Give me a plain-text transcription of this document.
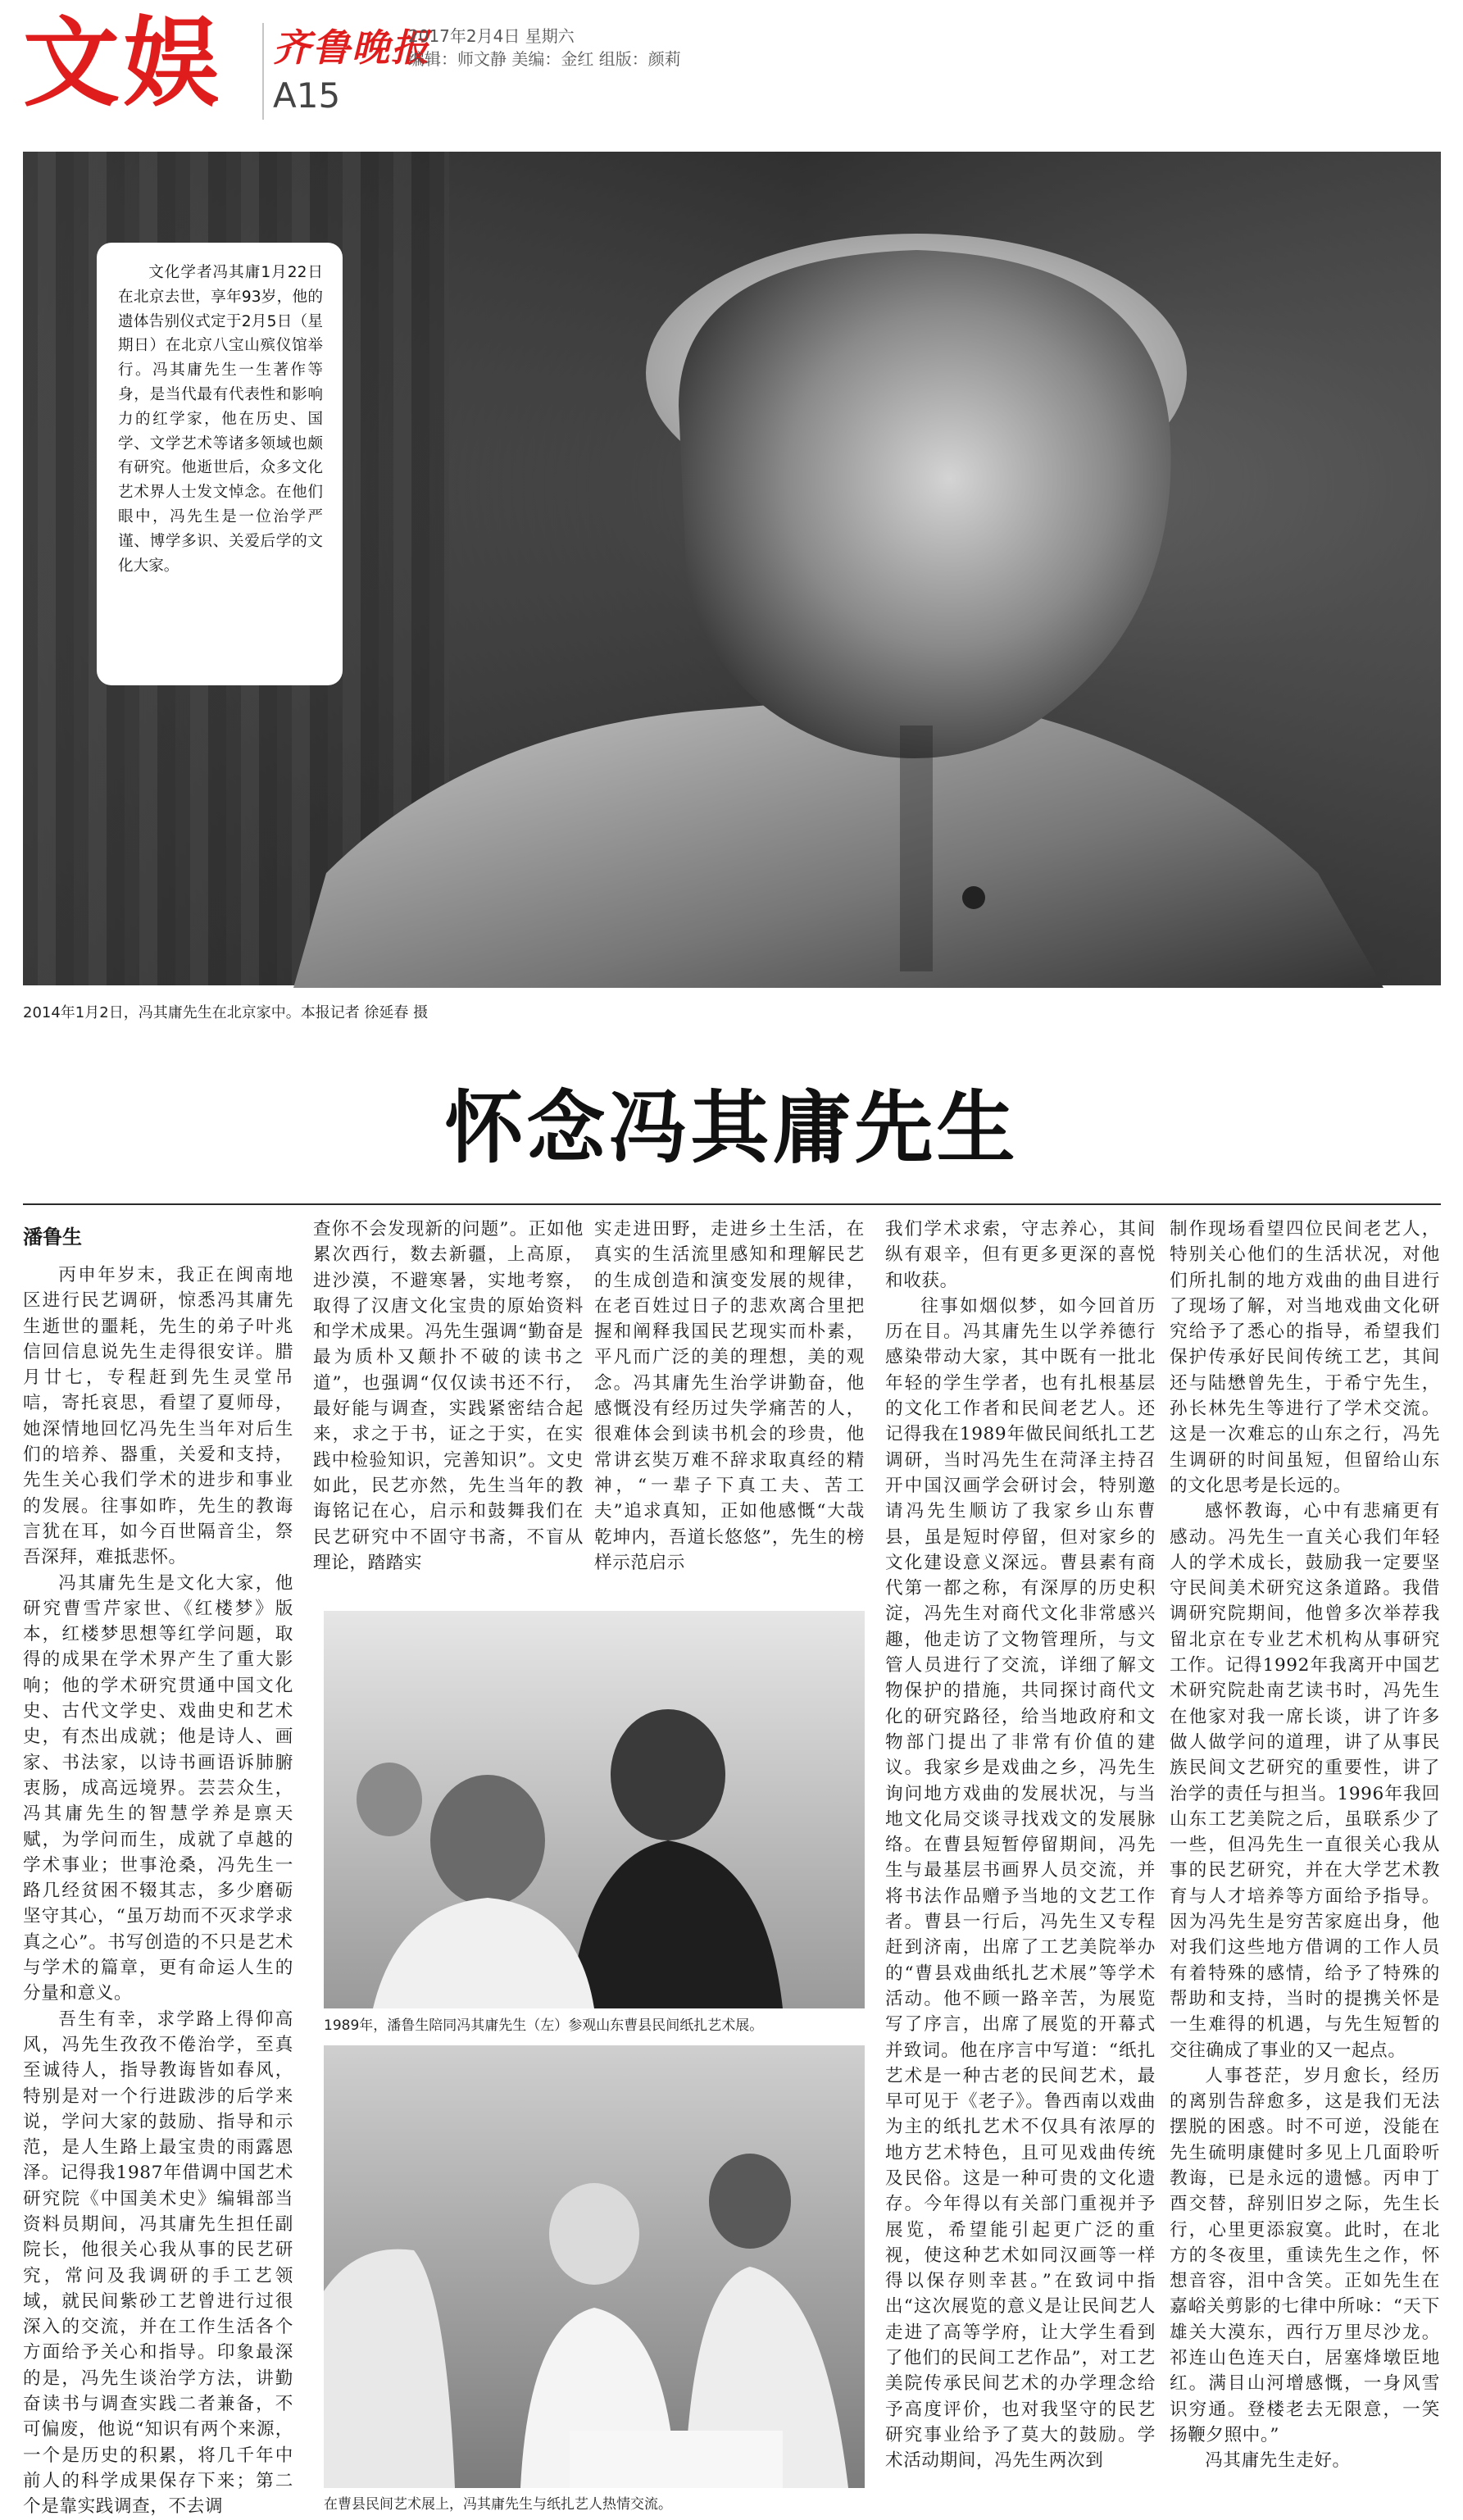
文娱 齐鲁晚报
A15
2017年2月4日 星期六
编辑：师文静 美编：金红 组版：颜莉
文化学者冯其庸1月22日在北京去世，享年93岁，他的遗体告别仪式定于2月5日（星期日）在北京八宝山殡仪馆举行。冯其庸先生一生著作等身，是当代最有代表性和影响力的红学家，他在历史、国学、文学艺术等诸多领域也颇有研究。他逝世后，众多文化艺术界人士发文悼念。在他们眼中，冯先生是一位治学严谨、博学多识、关爱后学的文化大家。
2014年1月2日，冯其庸先生在北京家中。本报记者 徐延春 摄
怀念冯其庸先生
潘鲁生

丙申年岁末，我正在闽南地区进行民艺调研，惊悉冯其庸先生逝世的噩耗，先生的弟子叶兆信回信息说先生走得很安详。腊月廿七，专程赶到先生灵堂吊唁，寄托哀思，看望了夏师母，她深情地回忆冯先生当年对后生们的培养、器重，关爱和支持，先生关心我们学术的进步和事业的发展。往事如昨，先生的教诲言犹在耳，如今百世隔音尘，祭吾深拜，难抵悲怀。

冯其庸先生是文化大家，他研究曹雪芹家世、《红楼梦》版本，红楼梦思想等红学问题，取得的成果在学术界产生了重大影响；他的学术研究贯通中国文化史、古代文学史、戏曲史和艺术史，有杰出成就；他是诗人、画家、书法家，以诗书画语诉肺腑衷肠，成高远境界。芸芸众生，冯其庸先生的智慧学养是禀天赋，为学问而生，成就了卓越的学术事业；世事沧桑，冯先生一路几经贫困不辍其志，多少磨砺坚守其心，“虽万劫而不灭求学求真之心”。书写创造的不只是艺术与学术的篇章，更有命运人生的分量和意义。

吾生有幸，求学路上得仰高风，冯先生孜孜不倦治学，至真至诚待人，指导教诲皆如春风，特别是对一个行进跋涉的后学来说，学问大家的鼓励、指导和示范，是人生路上最宝贵的雨露恩泽。记得我1987年借调中国艺术研究院《中国美术史》编辑部当资料员期间，冯其庸先生担任副院长，他很关心我从事的民艺研究，常问及我调研的手工艺领域，就民间紫砂工艺曾进行过很深入的交流，并在工作生活各个方面给予关心和指导。印象最深的是，冯先生谈治学方法，讲勤奋读书与调查实践二者兼备，不可偏废，他说“知识有两个来源，一个是历史的积累，将几千年中前人的科学成果保存下来；第二个是靠实践调查，不去调

查你不会发现新的问题”。正如他累次西行，数去新疆，上高原，进沙漠，不避寒暑，实地考察，取得了汉唐文化宝贵的原始资料和学术成果。冯先生强调“勤奋是最为质朴又颠扑不破的读书之道”，也强调“仅仅读书还不行，最好能与调查，实践紧密结合起来，求之于书，证之于实，在实践中检验知识，完善知识”。文史如此，民艺亦然，先生当年的教诲铭记在心，启示和鼓舞我们在民艺研究中不固守书斋，不盲从理论，踏踏实

实走进田野，走进乡土生活，在真实的生活流里感知和理解民艺的生成创造和演变发展的规律，在老百姓过日子的悲欢离合里把握和阐释我国民艺现实而朴素，平凡而广泛的美的理想，美的观念。冯其庸先生治学讲勤奋，他感慨没有经历过失学痛苦的人，很难体会到读书机会的珍贵，他常讲玄奘万难不辞求取真经的精神，“一辈子下真工夫、苦工夫”追求真知，正如他感慨“大哉乾坤内，吾道长悠悠”，先生的榜样示范启示

我们学术求索，守志养心，其间纵有艰辛，但有更多更深的喜悦和收获。

往事如烟似梦，如今回首历历在目。冯其庸先生以学养德行感染带动大家，其中既有一批北年轻的学生学者，也有扎根基层的文化工作者和民间老艺人。还记得我在1989年做民间纸扎工艺调研，当时冯先生在菏泽主持召开中国汉画学会研讨会，特别邀请冯先生顺访了我家乡山东曹县，虽是短时停留，但对家乡的文化建设意义深远。曹县素有商代第一都之称，有深厚的历史积淀，冯先生对商代文化非常感兴趣，他走访了文物管理所，与文管人员进行了交流，详细了解文物保护的措施，共同探讨商代文化的研究路径，给当地政府和文物部门提出了非常有价值的建议。我家乡是戏曲之乡，冯先生询问地方戏曲的发展状况，与当地文化局交谈寻找戏文的发展脉络。在曹县短暂停留期间，冯先生与最基层书画界人员交流，并将书法作品赠予当地的文艺工作者。曹县一行后，冯先生又专程赶到济南，出席了工艺美院举办的“曹县戏曲纸扎艺术展”等学术活动。他不顾一路辛苦，为展览写了序言，出席了展览的开幕式并致词。他在序言中写道：“纸扎艺术是一种古老的民间艺术，最早可见于《老子》。鲁西南以戏曲为主的纸扎艺术不仅具有浓厚的地方艺术特色，且可见戏曲传统及民俗。这是一种可贵的文化遗存。今年得以有关部门重视并予展览，希望能引起更广泛的重视，使这种艺术如同汉画等一样得以保存则幸甚。”在致词中指出“这次展览的意义是让民间艺人走进了高等学府，让大学生看到了他们的民间工艺作品”，对工艺美院传承民间艺术的办学理念给予高度评价，也对我坚守的民艺研究事业给予了莫大的鼓励。学术活动期间，冯先生两次到

制作现场看望四位民间老艺人，特别关心他们的生活状况，对他们所扎制的地方戏曲的曲目进行了现场了解，对当地戏曲文化研究给予了悉心的指导，希望我们保护传承好民间传统工艺，其间还与陆懋曾先生，于希宁先生，孙长林先生等进行了学术交流。这是一次难忘的山东之行，冯先生调研的时间虽短，但留给山东的文化思考是长远的。

感怀教诲，心中有悲痛更有感动。冯先生一直关心我们年轻人的学术成长，鼓励我一定要坚守民间美术研究这条道路。我借调研究院期间，他曾多次举荐我留北京在专业艺术机构从事研究工作。记得1992年我离开中国艺术研究院赴南艺读书时，冯先生在他家对我一席长谈，讲了许多做人做学问的道理，讲了从事民族民间文艺研究的重要性，讲了治学的责任与担当。1996年我回山东工艺美院之后，虽联系少了一些，但冯先生一直很关心我从事的民艺研究，并在大学艺术教育与人才培养等方面给予指导。因为冯先生是穷苦家庭出身，他对我们这些地方借调的工作人员有着特殊的感情，给予了特殊的帮助和支持，当时的提携关怀是一生难得的机遇，与先生短暂的交往确成了事业的又一起点。

人事苍茫，岁月愈长，经历的离别告辞愈多，这是我们无法摆脱的困惑。时不可逆，没能在先生硫明康健时多见上几面聆听教诲，已是永远的遗憾。丙申丁酉交替，辞别旧岁之际，先生长行，心里更添寂寞。此时，在北方的冬夜里，重读先生之作，怀想音容，泪中含笑。正如先生在嘉峪关剪影的七律中所咏：“天下雄关大漠东，西行万里尽沙龙。祁连山色连天白，居塞烽墩臣地红。满目山河增感慨，一身风雪识穷通。登楼老去无限意，一笑扬鞭夕照中。”

冯其庸先生走好。

1989年，潘鲁生陪同冯其庸先生（左）参观山东曹县民间纸扎艺术展。
在曹县民间艺术展上，冯其庸先生与纸扎艺人热情交流。
